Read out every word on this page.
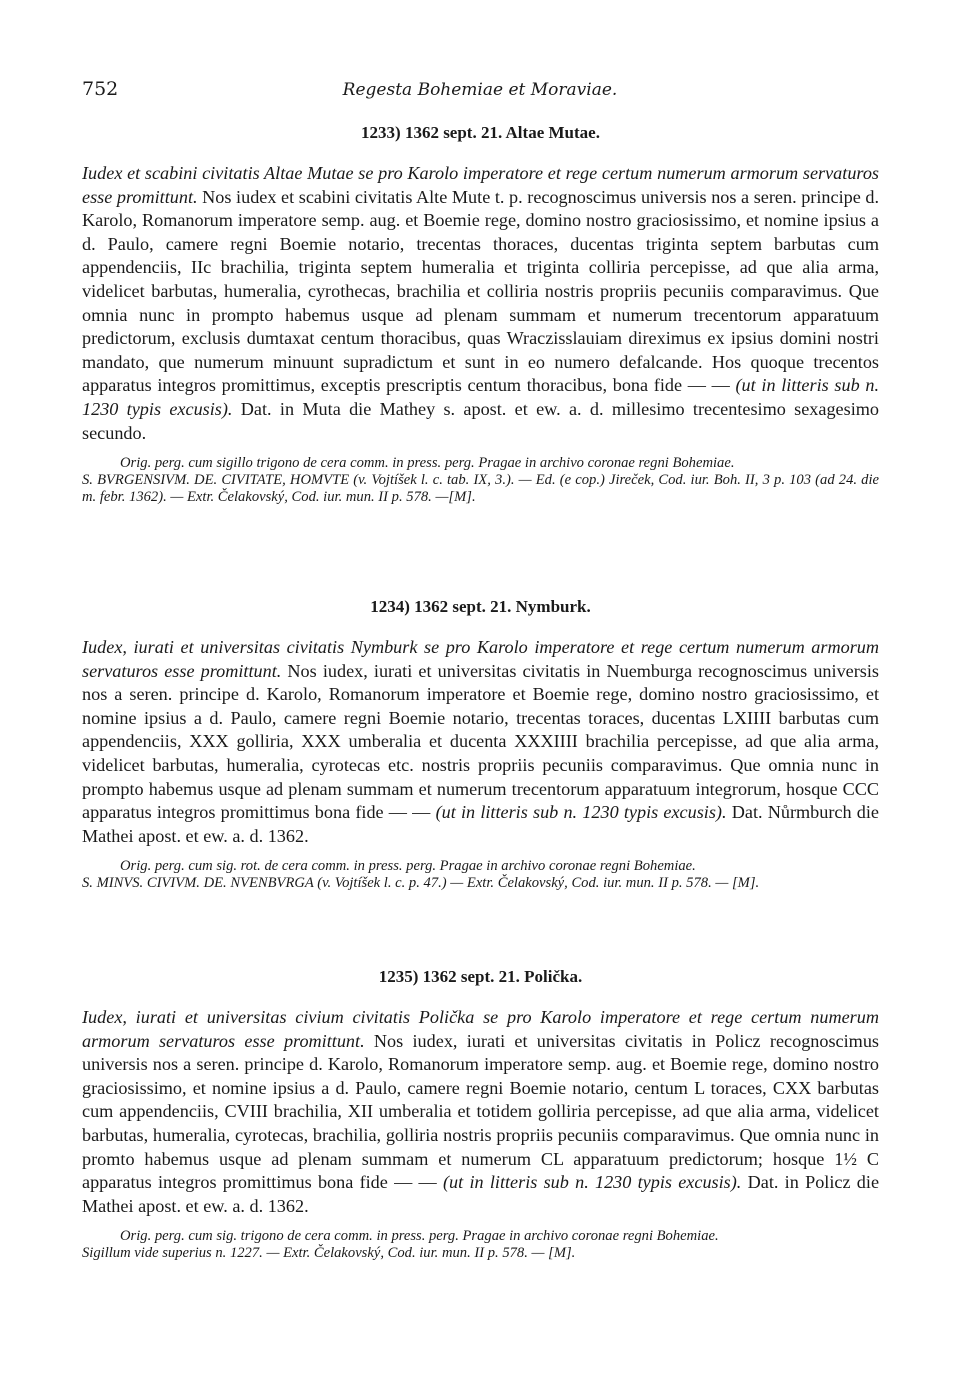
752	Regesta Bohemiae et Moraviae.

1233) 1362 sept. 21. Altae Mutae.

Iudex et scabini civitatis Altae Mutae se pro Karolo imperatore et rege certum numerum armorum servaturos esse promittunt. Nos iudex et scabini civitatis Alte Mute t. p. recognoscimus universis nos a seren. principe d. Karolo, Romanorum imperatore semp. aug. et Boemie rege, domino nostro graciosissimo, et nomine ipsius a d. Paulo, camere regni Boemie notario, trecentas thoraces, ducentas triginta septem barbutas cum appendenciis, IIc brachilia, triginta septem humeralia et triginta colliria percepisse, ad que alia arma, videlicet barbutas, humeralia, cyrothecas, brachilia et colliria nostris propriis pecuniis comparavimus. Que omnia nunc in prompto habemus usque ad plenam summam et numerum trecentorum apparatuum predictorum, exclusis dumtaxat centum thoracibus, quas Wraczisslauiam direximus ex ipsius domini nostri mandato, que numerum minuunt supradictum et sunt in eo numero defalcande. Hos quoque trecentos apparatus integros promittimus, exceptis prescriptis centum thoracibus, bona fide — — (ut in litteris sub n. 1230 typis excusis). Dat. in Muta die Mathey s. apost. et ew. a. d. millesimo trecentesimo sexagesimo secundo.

Orig. perg. cum sigillo trigono de cera comm. in press. perg. Pragae in archivo coronae regni Bohemiae.
S. BVRGENSIVM. DE. CIVITATE, HOMVTE (v. Vojtíšek l. c. tab. IX, 3.). — Ed. (e cop.) Jireček, Cod. iur. Boh. II, 3 p. 103 (ad 24. die m. febr. 1362). — Extr. Čelakovský, Cod. iur. mun. II p. 578. —[M].

1234) 1362 sept. 21. Nymburk.

Iudex, iurati et universitas civitatis Nymburk se pro Karolo imperatore et rege certum numerum armorum servaturos esse promittunt. Nos iudex, iurati et universitas civitatis in Nuemburga recognoscimus universis nos a seren. principe d. Karolo, Romanorum imperatore et Boemie rege, domino nostro graciosissimo, et nomine ipsius a d. Paulo, camere regni Boemie notario, trecentas toraces, ducentas LXIIII barbutas cum appendenciis, XXX golliria, XXX umberalia et ducenta XXXIIII brachilia percepisse, ad que alia arma, videlicet barbutas, humeralia, cyrotecas etc. nostris propriis pecuniis comparavimus. Que omnia nunc in prompto habemus usque ad plenam summam et numerum trecentorum apparatuum integrorum, hosque CCC apparatus integros promittimus bona fide — — (ut in litteris sub n. 1230 typis excusis). Dat. Nůrmburch die Mathei apost. et ew. a. d. 1362.

Orig. perg. cum sig. rot. de cera comm. in press. perg. Pragae in archivo coronae regni Bohemiae.
S. MINVS. CIVIVM. DE. NVENBVRGA (v. Vojtíšek l. c. p. 47.) — Extr. Čelakovský, Cod. iur. mun. II p. 578. — [M].

1235) 1362 sept. 21. Polička.

Iudex, iurati et universitas civium civitatis Polička se pro Karolo imperatore et rege certum numerum armorum servaturos esse promittunt. Nos iudex, iurati et universitas civitatis in Policz recognoscimus universis nos a seren. principe d. Karolo, Romanorum imperatore semp. aug. et Boemie rege, domino nostro graciosissimo, et nomine ipsius a d. Paulo, camere regni Boemie notario, centum L toraces, CXX barbutas cum appendenciis, CVIII brachilia, XII umberalia et totidem golliria percepisse, ad que alia arma, videlicet barbutas, humeralia, cyrotecas, brachilia, golliria nostris propriis pecuniis comparavimus. Que omnia nunc in promto habemus usque ad plenam summam et numerum CL apparatuum predictorum; hosque 1½ C apparatus integros promittimus bona fide — — (ut in litteris sub n. 1230 typis excusis). Dat. in Policz die Mathei apost. et ew. a. d. 1362.

Orig. perg. cum sig. trigono de cera comm. in press. perg. Pragae in archivo coronae regni Bohemiae.
Sigillum vide superius n. 1227. — Extr. Čelakovský, Cod. iur. mun. II p. 578. — [M].
